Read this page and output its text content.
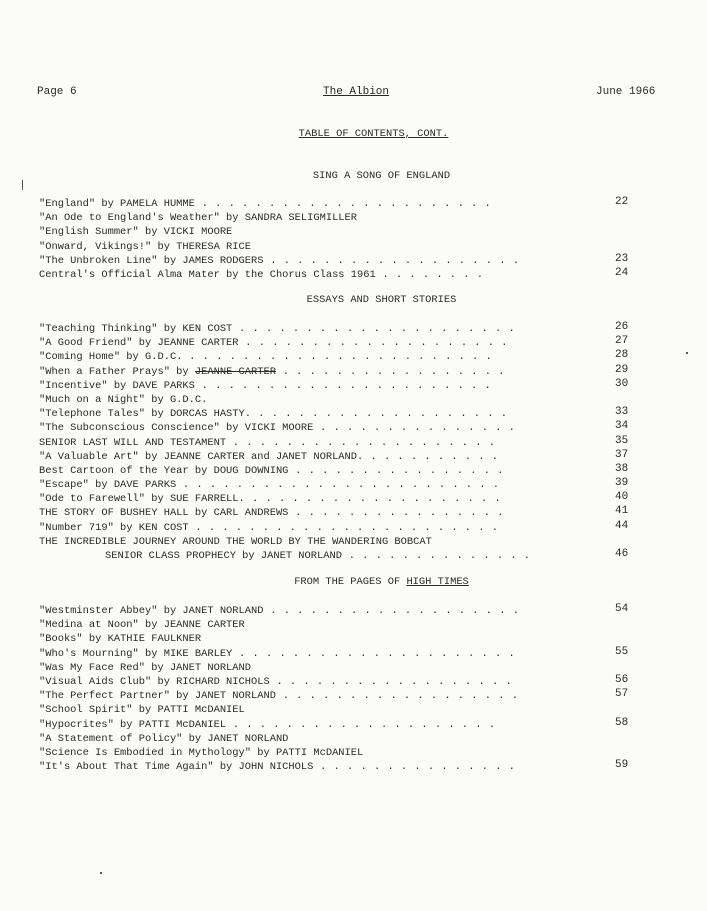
Page 6	The Albion	June 1966
TABLE OF CONTENTS, CONT.
SING A SONG OF ENGLAND
"England" by PAMELA HUMME . . . . . . . . . . . . . . . . . . . . . .	22
"An Ode to England's Weather" by SANDRA SELIGMILLER
"English Summer" by VICKI MOORE
"Onward, Vikings!" by THERESA RICE
"The Unbroken Line" by JAMES RODGERS . . . . . . . . . . . . . . . . . . .	23
Central's Official Alma Mater by the Chorus Class 1961 . . . . . . . .	24
ESSAYS AND SHORT STORIES
"Teaching Thinking" by KEN COST . . . . . . . . . . . . . . . . . . . . .	26
"A Good Friend" by JEANNE CARTER . . . . . . . . . . . . . . . . . . . .	27
"Coming Home" by G.D.C. . . . . . . . . . . . . . . . . . . . . . . .	28
"When a Father Prays" by JEANNE CARTER . . . . . . . . . . . . . . . . .	29
"Incentive" by DAVE PARKS . . . . . . . . . . . . . . . . . . . . . .	30
"Much on a Night" by G.D.C.
"Telephone Tales" by DORCAS HASTY. . . . . . . . . . . . . . . . . . . .	33
"The Subconscious Conscience" by VICKI MOORE . . . . . . . . . . . . . . .	34
SENIOR LAST WILL AND TESTAMENT . . . . . . . . . . . . . . . . . . . .	35
"A Valuable Art" by JEANNE CARTER and JANET NORLAND. . . . . . . . . . .	37
Best Cartoon of the Year by DOUG DOWNING . . . . . . . . . . . . . . . .	38
"Escape" by DAVE PARKS . . . . . . . . . . . . . . . . . . . . . . . .	39
"Ode to Farewell" by SUE FARRELL. . . . . . . . . . . . . . . . . . . .	40
THE STORY OF BUSHEY HALL by CARL ANDREWS . . . . . . . . . . . . . . . .	41
"Number 719" by KEN COST . . . . . . . . . . . . . . . . . . . . . . .	44
THE INCREDIBLE JOURNEY AROUND THE WORLD BY THE WANDERING BOBCAT
SENIOR CLASS PROPHECY by JANET NORLAND . . . . . . . . . . . . . .	46
FROM THE PAGES OF HIGH TIMES
"Westminster Abbey" by JANET NORLAND . . . . . . . . . . . . . . . . . . .	54
"Medina at Noon" by JEANNE CARTER
"Books" by KATHIE FAULKNER
"Who's Mourning" by MIKE BARLEY . . . . . . . . . . . . . . . . . . . . .	55
"Was My Face Red" by JANET NORLAND
"Visual Aids Club" by RICHARD NICHOLS . . . . . . . . . . . . . . . . . .	56
"The Perfect Partner" by JANET NORLAND . . . . . . . . . . . . . . . . . .	57
"School Spirit" by PATTI McDANIEL
"Hypocrites" by PATTI McDANIEL . . . . . . . . . . . . . . . . . . . .	58
"A Statement of Policy" by JANET NORLAND
"Science Is Embodied in Mythology" by PATTI McDANIEL
"It's About That Time Again" by JOHN NICHOLS . . . . . . . . . . . . . . .	59
